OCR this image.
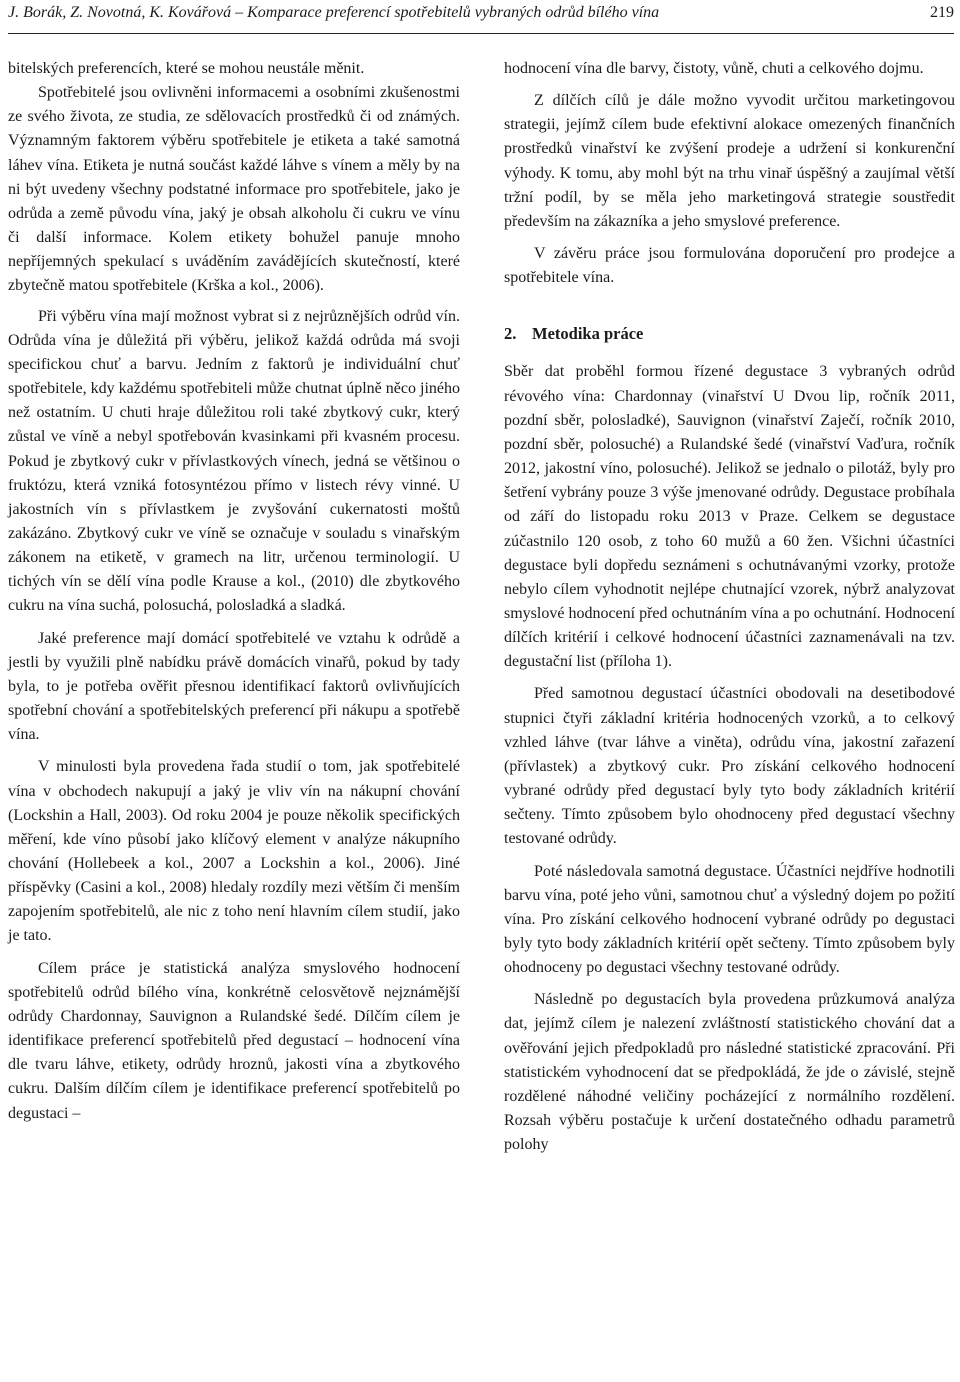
J. Borák, Z. Novotná, K. Kovářová – Komparace preferencí spotřebitelů vybraných odrůd bílého vína	219

bitelských preferencích, které se mohou neustále měnit.

Spotřebitelé jsou ovlivněni informacemi a osobními zkušenostmi ze svého života, ze studia, ze sdělovacích prostředků či od známých. Významným faktorem výběru spotřebitele je etiketa a také samotná láhev vína. Etiketa je nutná součást každé láhve s vínem a měly by na ni být uvedeny všechny podstatné informace pro spotřebitele, jako je odrůda a země původu vína, jaký je obsah alkoholu či cukru ve vínu či další informace. Kolem etikety bohužel panuje mnoho nepříjemných spekulací s uváděním zavádějících skutečností, které zbytečně matou spotřebitele (Krška a kol., 2006).

Při výběru vína mají možnost vybrat si z nejrůznějších odrůd vín. Odrůda vína je důležitá při výběru, jelikož každá odrůda má svoji specifickou chuť a barvu. Jedním z faktorů je individuální chuť spotřebitele, kdy každému spotřebiteli může chutnat úplně něco jiného než ostatním. U chuti hraje důležitou roli také zbytkový cukr, který zůstal ve víně a nebyl spotřebován kvasinkami při kvasném procesu. Pokud je zbytkový cukr v přívlastkových vínech, jedná se většinou o fruktózu, která vzniká fotosyntézou přímo v listech révy vinné. U jakostních vín s přívlastkem je zvyšování cukernatosti moštů zakázáno. Zbytkový cukr ve víně se označuje v souladu s vinařským zákonem na etiketě, v gramech na litr, určenou terminologií. U tichých vín se dělí vína podle Krause a kol., (2010) dle zbytkového cukru na vína suchá, polosuchá, polosladká a sladká.

Jaké preference mají domácí spotřebitelé ve vztahu k odrůdě a jestli by využili plně nabídku právě domácích vinařů, pokud by tady byla, to je potřeba ověřit přesnou identifikací faktorů ovlivňujících spotřební chování a spotřebitelských preferencí při nákupu a spotřebě vína.

V minulosti byla provedena řada studií o tom, jak spotřebitelé vína v obchodech nakupují a jaký je vliv vín na nákupní chování (Lockshin a Hall, 2003). Od roku 2004 je pouze několik specifických měření, kde víno působí jako klíčový element v analýze nákupního chování (Hollebeek a kol., 2007 a Lockshin a kol., 2006). Jiné příspěvky (Casini a kol., 2008) hledaly rozdíly mezi větším či menším zapojením spotřebitelů, ale nic z toho není hlavním cílem studií, jako je tato.

Cílem práce je statistická analýza smyslového hodnocení spotřebitelů odrůd bílého vína, konkrétně celosvětově nejznámější odrůdy Chardonnay, Sauvignon a Rulandské šedé. Dílčím cílem je identifikace preferencí spotřebitelů před degustací – hodnocení vína dle tvaru láhve, etikety, odrůdy hroznů, jakosti vína a zbytkového cukru. Dalším dílčím cílem je identifikace preferencí spotřebitelů po degustaci –

hodnocení vína dle barvy, čistoty, vůně, chuti a celkového dojmu.

Z dílčích cílů je dále možno vyvodit určitou marketingovou strategii, jejímž cílem bude efektivní alokace omezených finančních prostředků vinařství ke zvýšení prodeje a udržení si konkurenční výhody. K tomu, aby mohl být na trhu vinař úspěšný a zaujímal větší tržní podíl, by se měla jeho marketingová strategie soustředit především na zákazníka a jeho smyslové preference.

V závěru práce jsou formulována doporučení pro prodejce a spotřebitele vína.

2. Metodika práce

Sběr dat proběhl formou řízené degustace 3 vybraných odrůd révového vína: Chardonnay (vinařství U Dvou lip, ročník 2011, pozdní sběr, polosladké), Sauvignon (vinařství Zaječí, ročník 2010, pozdní sběr, polosuché) a Rulandské šedé (vinařství Vaďura, ročník 2012, jakostní víno, polosuché). Jelikož se jednalo o pilotáž, byly pro šetření vybrány pouze 3 výše jmenované odrůdy. Degustace probíhala od září do listopadu roku 2013 v Praze. Celkem se degustace zúčastnilo 120 osob, z toho 60 mužů a 60 žen. Všichni účastníci degustace byli dopředu seznámeni s ochutnávanými vzorky, protože nebylo cílem vyhodnotit nejlépe chutnající vzorek, nýbrž analyzovat smyslové hodnocení před ochutnáním vína a po ochutnání. Hodnocení dílčích kritérií i celkové hodnocení účastníci zaznamenávali na tzv. degustační list (příloha 1).

Před samotnou degustací účastníci obodovali na desetibodové stupnici čtyři základní kritéria hodnocených vzorků, a to celkový vzhled láhve (tvar láhve a viněta), odrůdu vína, jakostní zařazení (přívlastek) a zbytkový cukr. Pro získání celkového hodnocení vybrané odrůdy před degustací byly tyto body základních kritérií sečteny. Tímto způsobem bylo ohodnoceny před degustací všechny testované odrůdy.

Poté následovala samotná degustace. Účastníci nejdříve hodnotili barvu vína, poté jeho vůni, samotnou chuť a výsledný dojem po požití vína. Pro získání celkového hodnocení vybrané odrůdy po degustaci byly tyto body základních kritérií opět sečteny. Tímto způsobem byly ohodnoceny po degustaci všechny testované odrůdy.

Následně po degustacích byla provedena průzkumová analýza dat, jejímž cílem je nalezení zvláštností statistického chování dat a ověřování jejich předpokladů pro následné statistické zpracování. Při statistickém vyhodnocení dat se předpokládá, že jde o závislé, stejně rozdělené náhodné veličiny pocházející z normálního rozdělení. Rozsah výběru postačuje k určení dostatečného odhadu parametrů polohy
